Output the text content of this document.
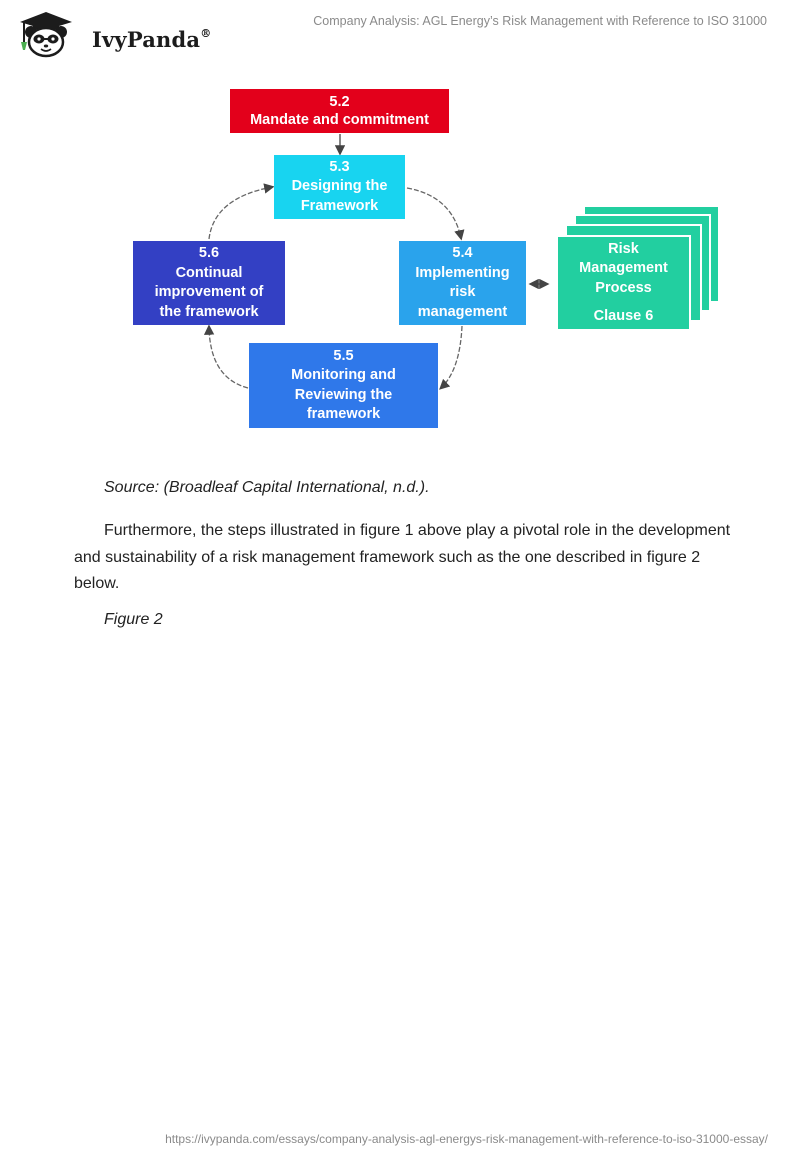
IvyPanda®
Company Analysis: AGL Energy’s Risk Management with Reference to ISO 31000
5.2
Mandate and commitment
5.3
Designing the
Framework
5.4
Implementing
risk
management
5.6
Continual
improvement of
the framework
5.5
Monitoring and
Reviewing the
framework
Risk
Management
Process
Clause 6
Source: (Broadleaf Capital International, n.d.).

Furthermore, the steps illustrated in figure 1 above play a pivotal role in the development and sustainability of a risk management framework such as the one described in figure 2 below.

Figure 2
https://ivypanda.com/essays/company-analysis-agl-energys-risk-management-with-reference-to-iso-31000-essay/
